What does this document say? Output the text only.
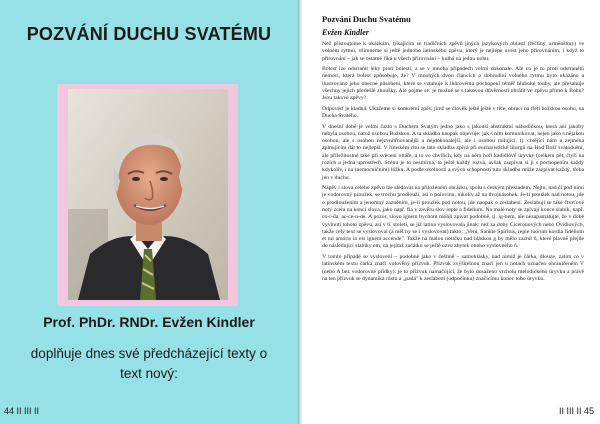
POZVÁNÍ DUCHU SVATÉMU
Prof. PhDr. RNDr. Evžen Kindler
doplňuje dnes své předcházející texty o text nový:
44 II III II	II III II 45
Pozvání Duchu Svatému
Evžen Kindler

Než přistoupíme k ukázkám, týkajícím se tradičních zpěvů jiných jazykových oblastí (řečtiny, arménštiny) ve volném rytmu, všimneme si ještě jednoho latinského zpěvu, který je nejlépe uvést jeho přirovnáním, i když to přirovnání – jak se ostatně říká u všech přirovnání – kulhá na jednu nohu.

Bolest lze odstranit léky proti bolesti, a se v mnoha případech velmi dokonale. Ale co je to proti odstranění nemoci, která bolest způsobuje, že? V mnohých dvou článcích o dobrodiní volného rytmu bylo ukázáno a ilustrováno jeho obecné působení, které se vztahuje k lhůtovému pochopení téměř hluboké touhy, ale přesahuje všechny jejich předešlé zkoušky. Ale pojme se: je možné se s takovou důvěrností obrátit ve zpěvu přímo k Bohu? Jsou takové zpěvy?

Odpověď je kladná. Ukážeme si konkrétní zpěv, jímž se člověk ještě ještě v těle, obrací na třetí božskou osobu, na Ducha Svatého.

V dnešní době je velmi často s Duchem Svatým jedno jako s jakousi abstraktní náhodičkou, která ani jakoby nebyla osobou, natož osobou Božskou. A ta skladba naopak objevuje: jak s ním komunikovat, nejen jako s nějakou osobou, ale s osobou nejzvnitřnovanější a nejdokonalejší, ale i osobou milující, tj. chtějící nám a zejména zplnujícím dát to nejlepší. V římském rítu se tato skladba zpívá při eucharistické liturgii na Hod Boží svatodušní, ale příležitostně také při svěcení oltáře, a to ve chvílích, kdy na něm hoří kadidlové úryvky (celkem pět, čtyři na rozích a jedna uprostřed). Scénu je to nesmírná, to ještě každý rozvá, avšak zazpívat si ji s pochopením každý kdykoliv, i na (nemocničním) lůžku. A podle okolností a svých schopností tuto skladbu může zazpívat každý, třeba jen v duchu.

Nápěv i slova celého zpěvu lze sledovat na přiloženém obrázku, spolu s českým překladem. Nejtu, nad čí pod nimi je vodorovný proužek, se trochu prodlouží, asi o polovinu, nikoliv až na dvojnásobek. Je-li proužek nad notou, jde o prodloužením a jenomný zazněním, je-li proužek pod notou, jde naopak o zeslabení. Zeslabují se také čtvrťové noty zcela na konci slova, jako např. fia v závěru slov repte a fidelium. Na malé noty se zpívají konce slabik, např. co-r-da, ac-ce-n-de. A pozor, slovo ignem bychom mohli zpívat podobně, tj. ig-nem, ale nezapamatujte, že v době vyvinutí tohoto zpěvu, asi v 6. století, se již latina vyslovovala jinak: než za doby Ciceronových nebo Ovidiových, takže celý text se vyslovoval (a měl by se i vyslovovat) takto: „Veni, Sankte Spiritus, reple tuórum kordia fidélium et tui amóris in eis ignem accénde". Takže na malou notičku nad hláskou g by mělo zaznít ň, které plavně přejde do následující slabiky em, na jejímž začátku se ještě ozve zbytek onoho vyslovného ň.

V tomto případě se vyslovení – podobně jako v češtině – samohlásky, nad nimiž je čárka, dlouze, zatím co v latinském textu čárka značí volověný přízvuk. Přízvuk zvýšitelnou značí jen u notách označen ohraničeném V (nebo A bez vodorovné přídky): je to přízvuk namačující, že bylo dosaženo vrcholu melodického úryvku a právě na ten přízvuk se dynamika růstu a „padá" k zeslabení (odpočinku) značícímu konec toho úryvku.
